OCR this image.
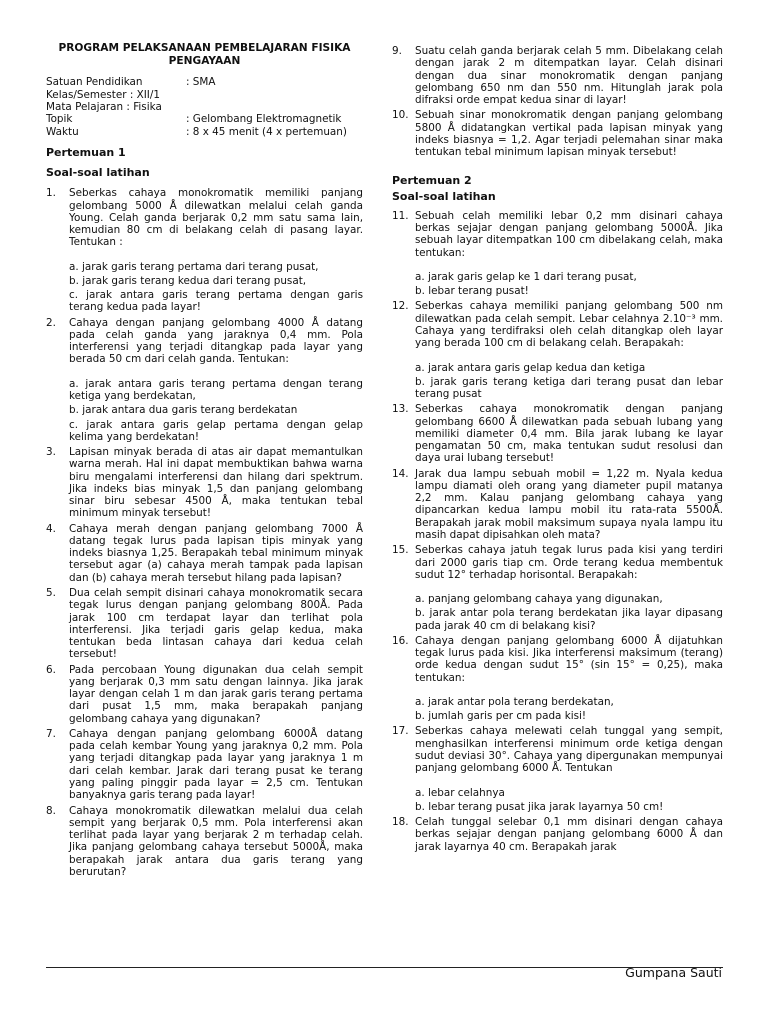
PROGRAM PELAKSANAAN PEMBELAJARAN FISIKA
PENGAYAAN
Satuan Pendidikan	: SMA
Kelas/Semester : XII/1
Mata Pelajaran : Fisika
Topik	: Gelombang Elektromagnetik
Waktu	: 8 x 45 menit (4 x pertemuan)
Pertemuan 1
Soal-soal latihan
1.	Seberkas cahaya monokromatik memiliki panjang gelombang 5000 Å dilewatkan melalui celah ganda Young. Celah ganda berjarak 0,2 mm satu sama lain, kemudian 80 cm di belakang celah di pasang layar. Tentukan :
a. jarak garis terang pertama dari terang pusat,
b. jarak garis terang kedua dari terang pusat,
c. jarak antara garis terang pertama dengan garis terang kedua pada layar!
2.	Cahaya dengan panjang gelombang 4000 Å datang pada celah ganda yang jaraknya 0,4 mm. Pola interferensi yang terjadi ditangkap pada layar yang berada 50 cm dari celah ganda. Tentukan:
a. jarak antara garis terang pertama dengan terang ketiga yang berdekatan,
b. jarak antara dua garis terang berdekatan
c. jarak antara garis gelap pertama dengan gelap kelima yang berdekatan!
3.	Lapisan minyak berada di atas air dapat memantulkan warna merah. Hal ini dapat membuktikan bahwa warna biru mengalami interferensi dan hilang dari spektrum. Jika indeks bias minyak 1,5 dan panjang gelombang sinar biru sebesar 4500 Å, maka tentukan tebal minimum minyak tersebut!
4.	Cahaya merah dengan panjang gelombang 7000 Å datang tegak lurus pada lapisan tipis minyak yang indeks biasnya 1,25. Berapakah tebal minimum minyak tersebut agar (a) cahaya merah tampak pada lapisan dan (b) cahaya merah tersebut hilang pada lapisan?
5.	Dua celah sempit disinari cahaya monokromatik secara tegak lurus dengan panjang gelombang 800Å. Pada jarak 100 cm terdapat layar dan terlihat pola interferensi. Jika terjadi garis gelap kedua, maka tentukan beda lintasan cahaya dari kedua celah tersebut!
6.	Pada percobaan Young digunakan dua celah sempit yang berjarak 0,3 mm satu dengan lainnya. Jika jarak layar dengan celah 1 m dan jarak garis terang pertama dari pusat 1,5 mm, maka berapakah panjang gelombang cahaya yang digunakan?
7.	Cahaya dengan panjang gelombang 6000Å datang pada celah kembar Young yang jaraknya 0,2 mm. Pola yang terjadi ditangkap pada layar yang jaraknya 1 m dari celah kembar. Jarak dari terang pusat ke terang yang paling pinggir pada layar = 2,5 cm. Tentukan banyaknya garis terang pada layar!
8.	Cahaya monokromatik dilewatkan melalui dua celah sempit yang berjarak 0,5 mm. Pola interferensi akan terlihat pada layar yang berjarak 2 m terhadap celah. Jika panjang gelombang cahaya tersebut 5000Å, maka berapakah jarak antara dua garis terang yang berurutan?
9.	Suatu celah ganda berjarak celah 5 mm. Dibelakang celah dengan jarak 2 m ditempatkan layar. Celah disinari dengan dua sinar monokromatik dengan panjang gelombang 650 nm dan 550 nm. Hitunglah jarak pola difraksi orde empat kedua sinar di layar!
10. Sebuah sinar monokromatik dengan panjang gelombang 5800 Å didatangkan vertikal pada lapisan minyak yang indeks biasnya = 1,2. Agar terjadi pelemahan sinar maka tentukan tebal minimum lapisan minyak tersebut!
Pertemuan 2
Soal-soal latihan
11. Sebuah celah memiliki lebar 0,2 mm disinari cahaya berkas sejajar dengan panjang gelombang 5000Å. Jika sebuah layar ditempatkan 100 cm dibelakang celah, maka tentukan:
a. jarak garis gelap ke 1 dari terang pusat,
b. lebar terang pusat!
12. Seberkas cahaya memiliki panjang gelombang 500 nm dilewatkan pada celah sempit. Lebar celahnya 2.10⁻³ mm. Cahaya yang terdifraksi oleh celah ditangkap oleh layar yang berada 100 cm di belakang celah. Berapakah:
a. jarak antara garis gelap kedua dan ketiga
b. jarak garis terang ketiga dari terang pusat dan lebar terang pusat
13. Seberkas cahaya monokromatik dengan panjang gelombang 6600 Å dilewatkan pada sebuah lubang yang memiliki diameter 0,4 mm. Bila jarak lubang ke layar pengamatan 50 cm, maka tentukan sudut resolusi dan daya urai lubang tersebut!
14. Jarak dua lampu sebuah mobil = 1,22 m. Nyala kedua lampu diamati oleh orang yang diameter pupil matanya 2,2 mm. Kalau panjang gelombang cahaya yang dipancarkan kedua lampu mobil itu rata-rata 5500Å. Berapakah jarak mobil maksimum supaya nyala lampu itu masih dapat dipisahkan oleh mata?
15. Seberkas cahaya jatuh tegak lurus pada kisi yang terdiri dari 2000 garis tiap cm. Orde terang kedua membentuk sudut 12° terhadap horisontal. Berapakah:
a. panjang gelombang cahaya yang digunakan,
b. jarak antar pola terang berdekatan jika layar dipasang pada jarak 40 cm di belakang kisi?
16. Cahaya dengan panjang gelombang 6000 Å dijatuhkan tegak lurus pada kisi. Jika interferensi maksimum (terang) orde kedua dengan sudut 15° (sin 15° = 0,25), maka tentukan:
a. jarak antar pola terang berdekatan,
b. jumlah garis per cm pada kisi!
17. Seberkas cahaya melewati celah tunggal yang sempit, menghasilkan interferensi minimum orde ketiga dengan sudut deviasi 30°. Cahaya yang dipergunakan mempunyai panjang gelombang 6000 Å. Tentukan
a. lebar celahnya
b. lebar terang pusat jika jarak layarnya 50 cm!
18. Celah tunggal selebar 0,1 mm disinari dengan cahaya berkas sejajar dengan panjang gelombang 6000 Å dan jarak layarnya 40 cm. Berapakah jarak
Gumpana Sauti
